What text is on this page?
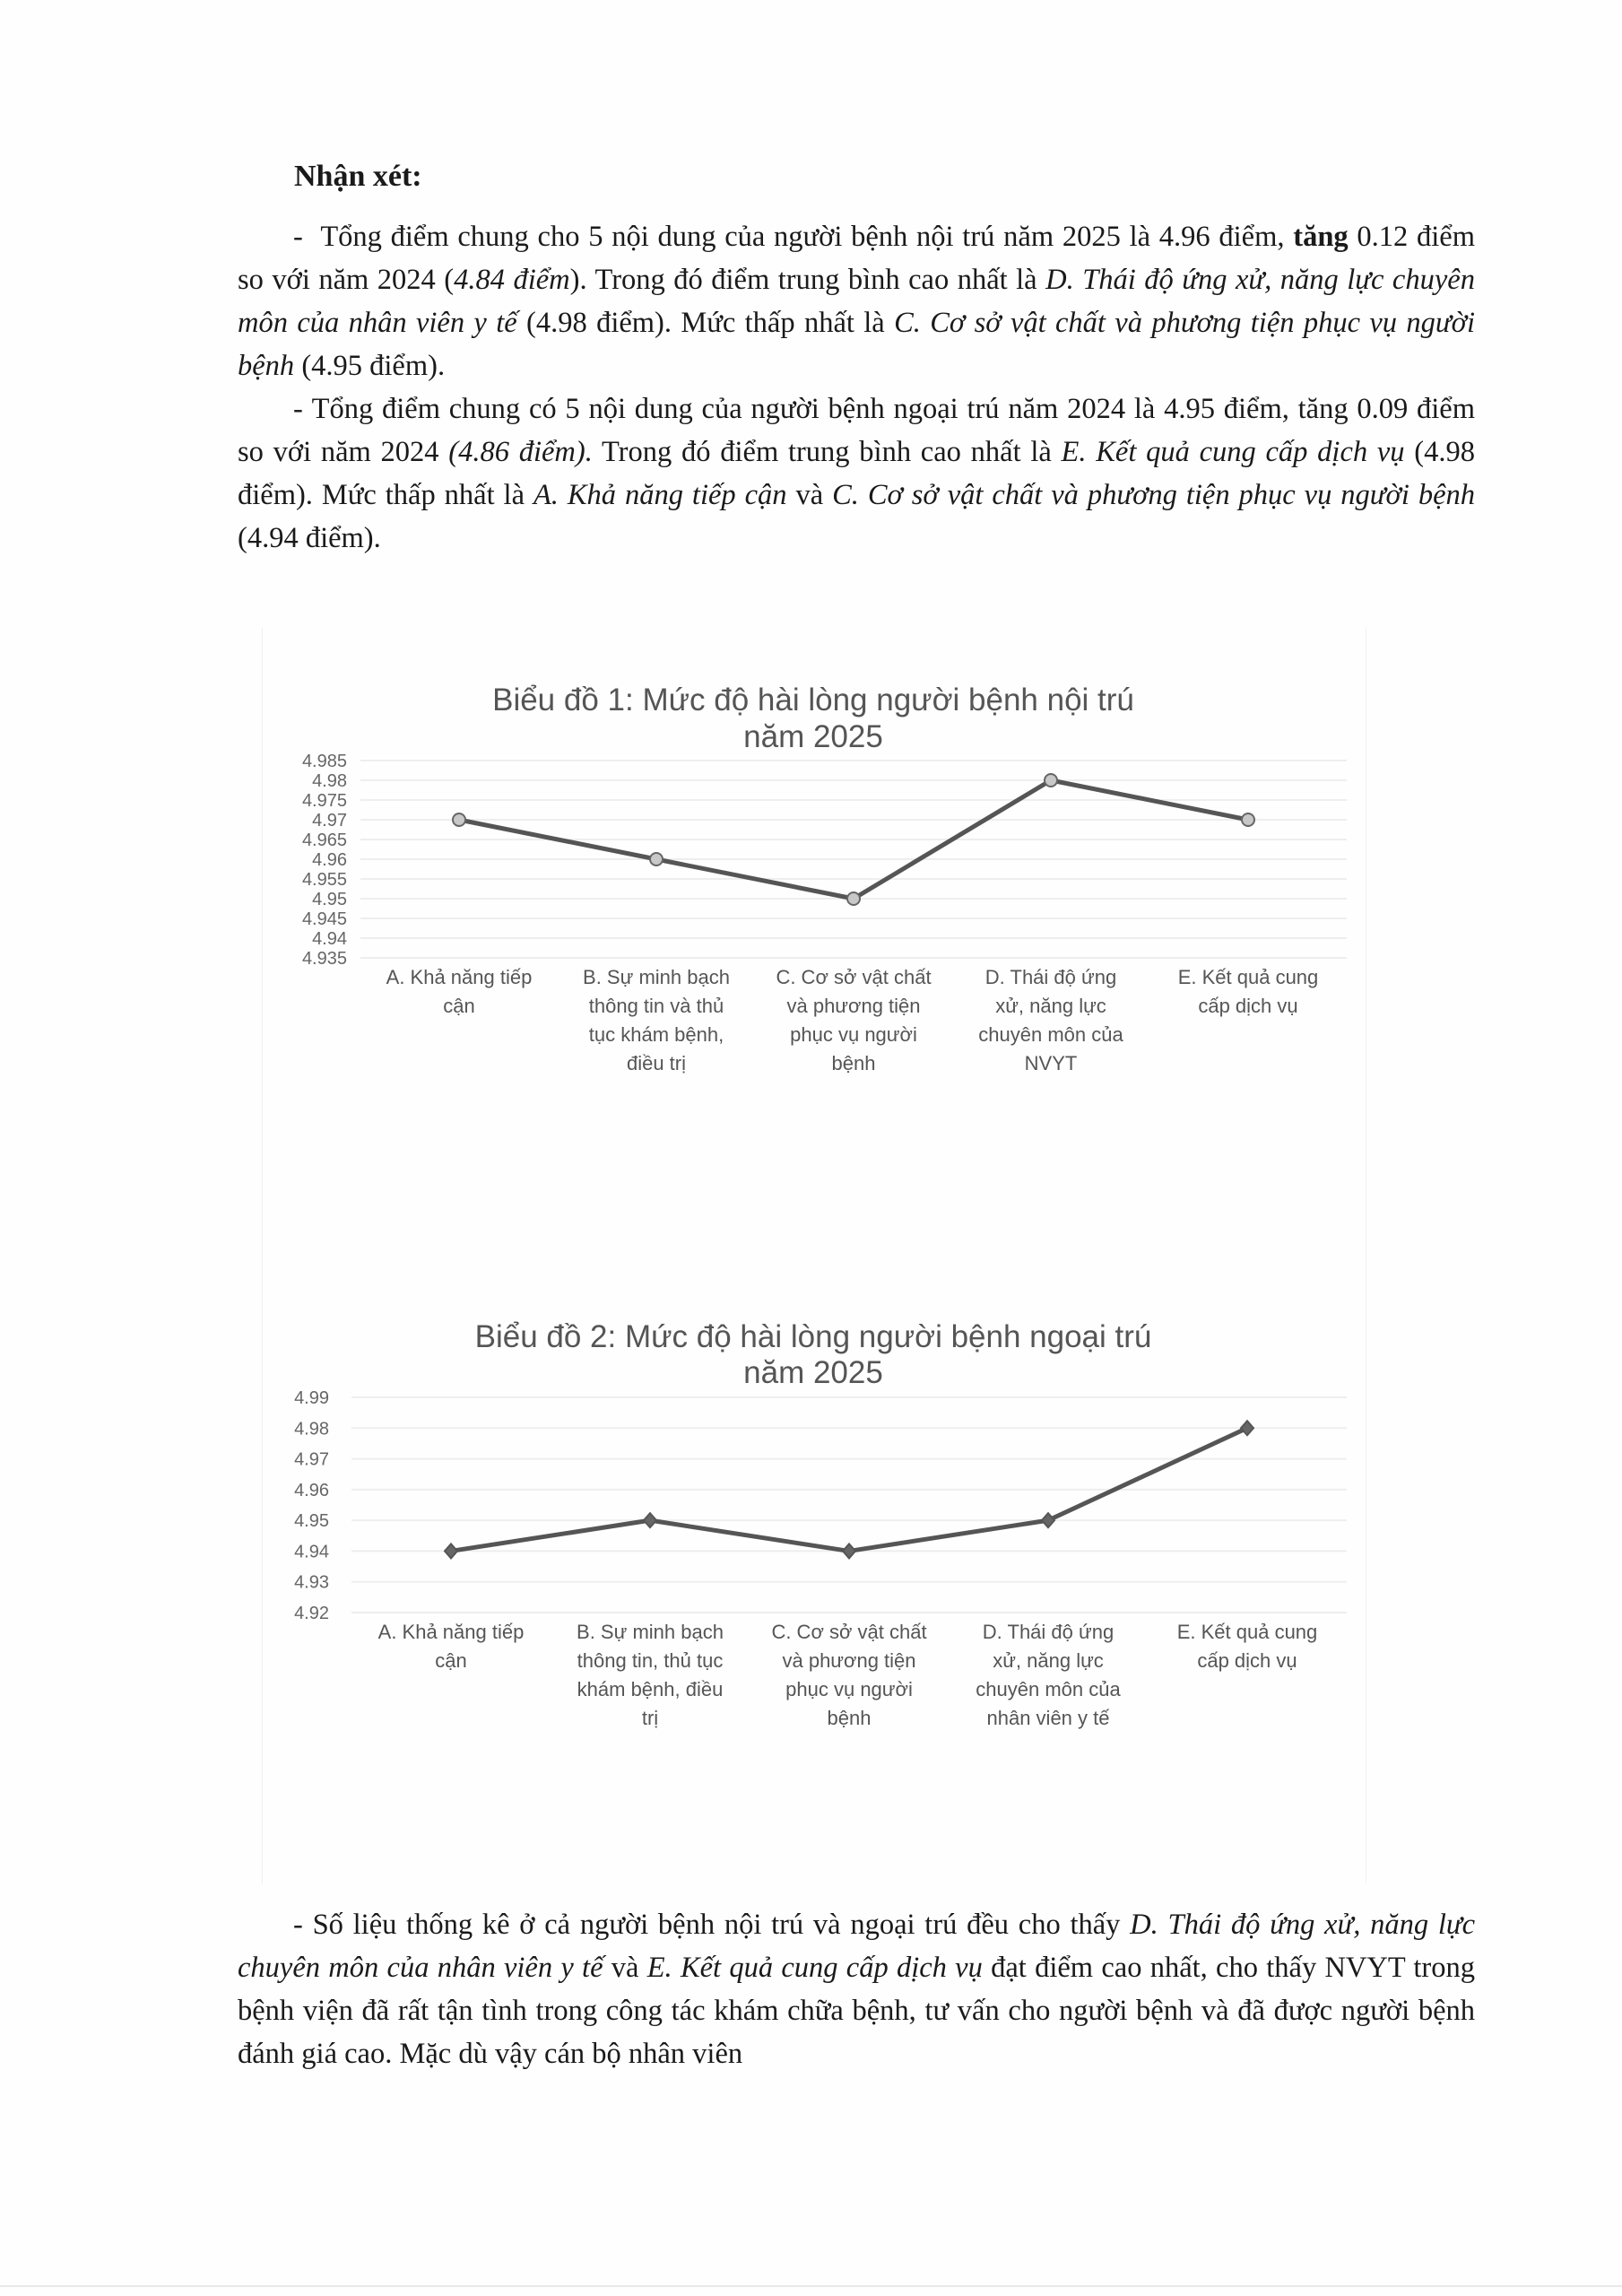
Nhận xét:
- Tổng điểm chung cho 5 nội dung của người bệnh nội trú năm 2025 là 4.96 điểm, tăng 0.12 điểm so với năm 2024 (4.84 điểm). Trong đó điểm trung bình cao nhất là D. Thái độ ứng xử, năng lực chuyên môn của nhân viên y tế (4.98 điểm). Mức thấp nhất là C. Cơ sở vật chất và phương tiện phục vụ người bệnh (4.95 điểm).
- Tổng điểm chung có 5 nội dung của người bệnh ngoại trú năm 2024 là 4.95 điểm, tăng 0.09 điểm so với năm 2024 (4.86 điểm). Trong đó điểm trung bình cao nhất là E. Kết quả cung cấp dịch vụ (4.98 điểm). Mức thấp nhất là A. Khả năng tiếp cận và C. Cơ sở vật chất và phương tiện phục vụ người bệnh (4.94 điểm).
Biểu đồ 1: Mức độ hài lòng người bệnh nội trú
năm 2025
4.935
4.94
4.945
4.95
4.955
4.96
4.965
4.97
4.975
4.98
4.985
A. Khả năng tiếp
cận
B. Sự minh bạch
thông tin và thủ
tục khám bệnh,
điều trị
C. Cơ sở vật chất
và phương tiện
phục vụ người
bệnh
D. Thái độ ứng
xử, năng lực
chuyên môn của
NVYT
E. Kết quả cung
cấp dịch vụ
Biểu đồ 2: Mức độ hài lòng người bệnh ngoại trú
năm 2025
4.92
4.93
4.94
4.95
4.96
4.97
4.98
4.99
A. Khả năng tiếp
cận
B. Sự minh bạch
thông tin, thủ tục
khám bệnh, điều
trị
C. Cơ sở vật chất
và phương tiện
phục vụ người
bệnh
D. Thái độ ứng
xử, năng lực
chuyên môn của
nhân viên y tế
E. Kết quả cung
cấp dịch vụ
- Số liệu thống kê ở cả người bệnh nội trú và ngoại trú đều cho thấy D. Thái độ ứng xử, năng lực chuyên môn của nhân viên y tế và E. Kết quả cung cấp dịch vụ đạt điểm cao nhất, cho thấy NVYT trong bệnh viện đã rất tận tình trong công tác khám chữa bệnh, tư vấn cho người bệnh và đã được người bệnh đánh giá cao. Mặc dù vậy cán bộ nhân viên
